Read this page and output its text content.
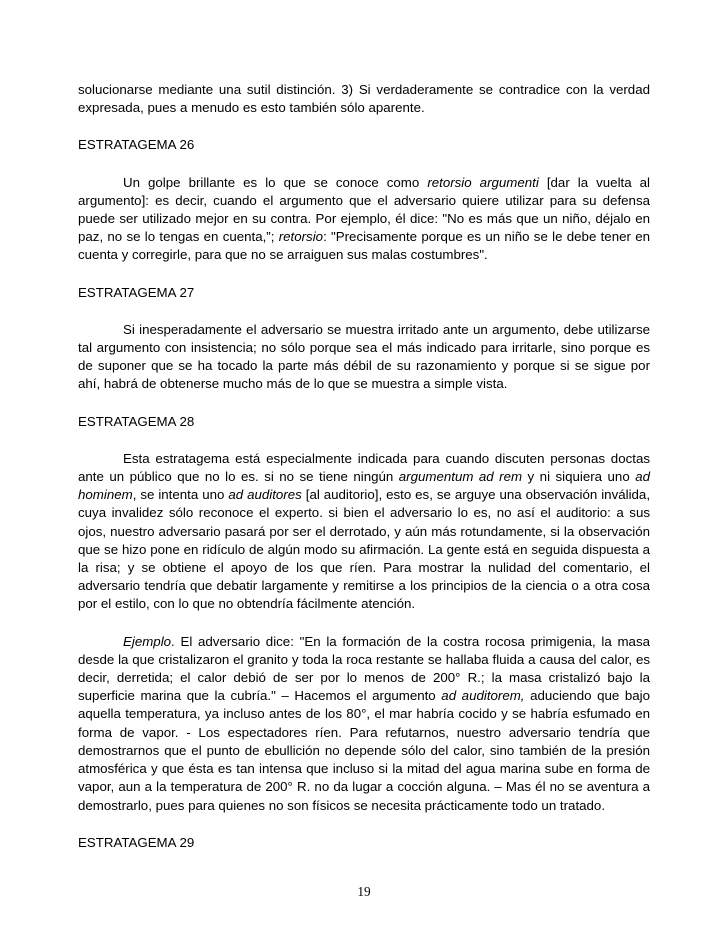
solucionarse mediante una sutil distinción. 3) Si verdaderamente se contradice con la verdad expresada, pues a menudo es esto también sólo aparente.

ESTRATAGEMA 26

Un golpe brillante es lo que se conoce como retorsio argumenti [dar la vuelta al argumento]: es decir, cuando el argumento que el adversario quiere utilizar para su defensa puede ser utilizado mejor en su contra. Por ejemplo, él dice: "No es más que un niño, déjalo en paz, no se lo tengas en cuenta,”; retorsio: "Precisamente porque es un niño se le debe tener en cuenta y corregirle, para que no se arraiguen sus malas costumbres".

ESTRATAGEMA 27

Si inesperadamente el adversario se muestra irritado ante un argumento, debe utilizarse tal argumento con insistencia; no sólo porque sea el más indicado para irritarle, sino porque es de suponer que se ha tocado la parte más débil de su razonamiento y porque si se sigue por ahí, habrá de obtenerse mucho más de lo que se muestra a simple vista.

ESTRATAGEMA 28

Esta estratagema está especialmente indicada para cuando discuten personas doctas ante un público que no lo es. si no se tiene ningún argumentum ad rem y ni siquiera uno ad hominem, se intenta uno ad auditores [al auditorio], esto es, se arguye una observación inválida, cuya invalidez sólo reconoce el experto. si bien el adversario lo es, no así el auditorio: a sus ojos, nuestro adversario pasará por ser el derrotado, y aún más rotundamente, si la observación que se hizo pone en ridículo de algún modo su afirmación. La gente está en seguida dispuesta a la risa; y se obtiene el apoyo de los que ríen. Para mostrar la nulidad del comentario, el adversario tendría que debatir largamente y remitirse a los principios de la ciencia o a otra cosa por el estilo, con lo que no obtendría fácilmente atención.

Ejemplo. El adversario dice: "En la formación de la costra rocosa primigenia, la masa desde la que cristalizaron el granito y toda la roca restante se hallaba fluida a causa del calor, es decir, derretida; el calor debió de ser por lo menos de 200° R.; la masa cristalizó bajo la superficie marina que la cubría." – Hacemos el argumento ad auditorem, aduciendo que bajo aquella temperatura, ya incluso antes de los 80°, el mar habría cocido y se habría esfumado en forma de vapor. - Los espectadores ríen. Para refutarnos, nuestro adversario tendría que demostrarnos que el punto de ebullición no depende sólo del calor, sino también de la presión atmosférica y que ésta es tan intensa que incluso si la mitad del agua marina sube en forma de vapor, aun a la temperatura de 200° R. no da lugar a cocción alguna. – Mas él no se aventura a demostrarlo, pues para quienes no son físicos se necesita prácticamente todo un tratado.

ESTRATAGEMA 29

19
